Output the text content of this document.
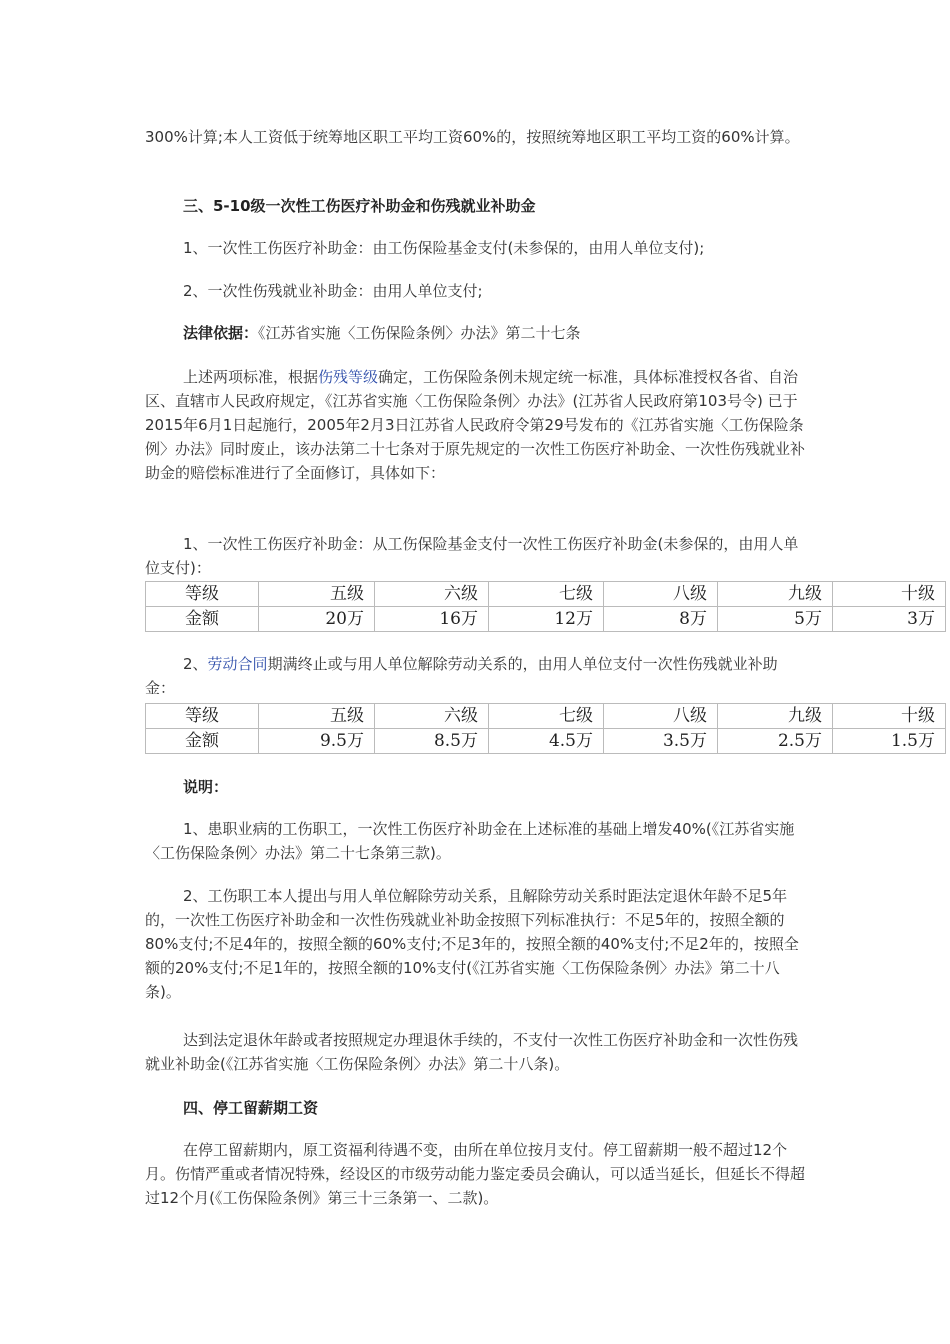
300%计算;本人工资低于统筹地区职工平均工资60%的，按照统筹地区职工平均工资的60%计算。

三、5-10级一次性工伤医疗补助金和伤残就业补助金

1、一次性工伤医疗补助金：由工伤保险基金支付(未参保的，由用人单位支付);

2、一次性伤残就业补助金：由用人单位支付;

法律依据：《江苏省实施〈工伤保险条例〉办法》第二十七条

上述两项标准，根据伤残等级确定，工伤保险条例未规定统一标准，具体标准授权各省、自治区、直辖市人民政府规定，《江苏省实施〈工伤保险条例〉办法》(江苏省人民政府第103号令) 已于2015年6月1日起施行，2005年2月3日江苏省人民政府令第29号发布的《江苏省实施〈工伤保险条例〉办法》同时废止，该办法第二十七条对于原先规定的一次性工伤医疗补助金、一次性伤残就业补助金的赔偿标准进行了全面修订，具体如下：

1、一次性工伤医疗补助金：从工伤保险基金支付一次性工伤医疗补助金(未参保的，由用人单位支付)：

等级	五级	六级	七级	八级	九级	十级
金额	20万	16万	12万	8万	5万	3万

2、劳动合同期满终止或与用人单位解除劳动关系的，由用人单位支付一次性伤残就业补助金：

等级	五级	六级	七级	八级	九级	十级
金额	9.5万	8.5万	4.5万	3.5万	2.5万	1.5万

说明：

1、患职业病的工伤职工，一次性工伤医疗补助金在上述标准的基础上增发40%(《江苏省实施〈工伤保险条例〉办法》第二十七条第三款)。

2、工伤职工本人提出与用人单位解除劳动关系，且解除劳动关系时距法定退休年龄不足5年的，一次性工伤医疗补助金和一次性伤残就业补助金按照下列标准执行：不足5年的，按照全额的80%支付;不足4年的，按照全额的60%支付;不足3年的，按照全额的40%支付;不足2年的，按照全额的20%支付;不足1年的，按照全额的10%支付(《江苏省实施〈工伤保险条例〉办法》第二十八条)。

达到法定退休年龄或者按照规定办理退休手续的，不支付一次性工伤医疗补助金和一次性伤残就业补助金(《江苏省实施〈工伤保险条例〉办法》第二十八条)。

四、停工留薪期工资

在停工留薪期内，原工资福利待遇不变，由所在单位按月支付。停工留薪期一般不超过12个月。伤情严重或者情况特殊，经设区的市级劳动能力鉴定委员会确认，可以适当延长，但延长不得超过12个月(《工伤保险条例》第三十三条第一、二款)。
